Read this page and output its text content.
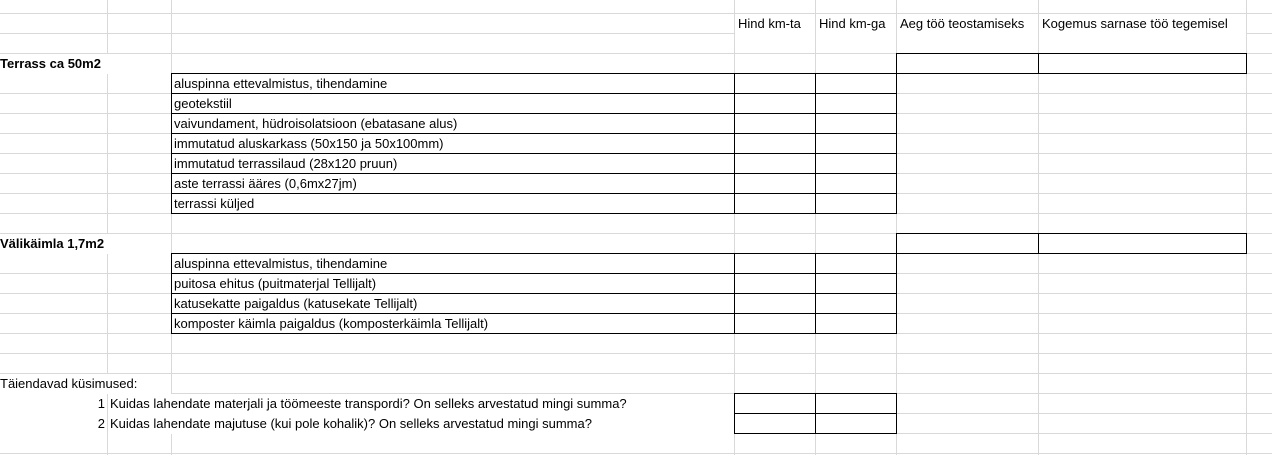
Hind km-ta	Hind km-ga	Aeg töö teostamiseks	Kogemus sarnase töö tegemisel
Terrass ca 50m2
aluspinna ettevalmistus, tihendamine
geotekstiil
vaivundament, hüdroisolatsioon (ebatasane alus)
immutatud aluskarkass (50x150 ja 50x100mm)
immutatud terrassilaud (28x120 pruun)
aste terrassi ääres (0,6mx27jm)
terrassi küljed
Välikäimla 1,7m2
aluspinna ettevalmistus, tihendamine
puitosa ehitus (puitmaterjal Tellijalt)
katusekatte paigaldus (katusekate Tellijalt)
komposter käimla paigaldus (komposterkäimla Tellijalt)
Täiendavad küsimused:
1 Kuidas lahendate materjali ja töömeeste transpordi? On selleks arvestatud mingi summa?
2 Kuidas lahendate majutuse (kui pole kohalik)? On selleks arvestatud mingi summa?
